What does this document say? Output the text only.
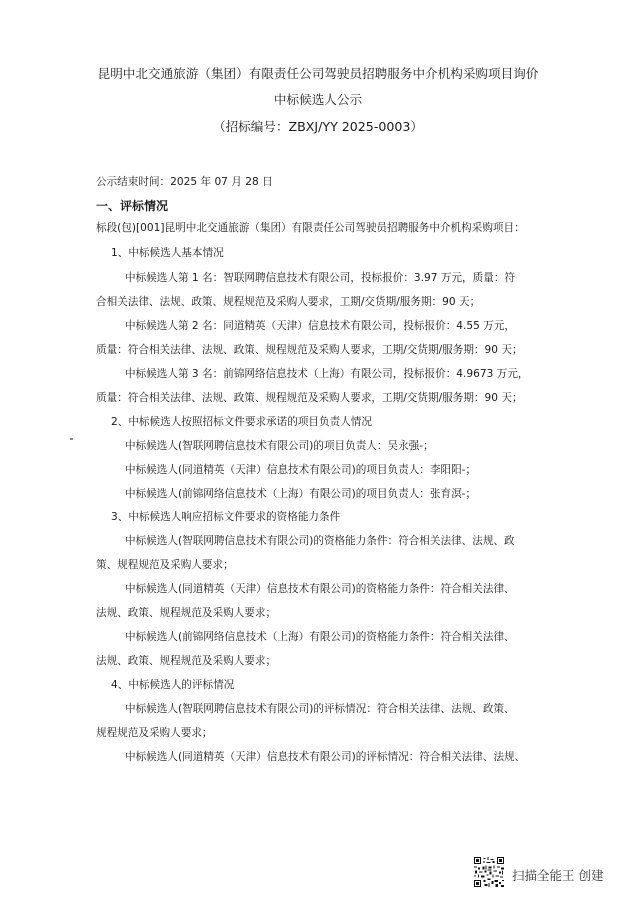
昆明中北交通旅游（集团）有限责任公司驾驶员招聘服务中介机构采购项目询价
中标候选人公示
（招标编号：ZBXJ/YY 2025-0003）
公示结束时间：2025 年 07 月 28 日
一、评标情况
标段(包)[001]昆明中北交通旅游（集团）有限责任公司驾驶员招聘服务中介机构采购项目：
1、中标候选人基本情况
中标候选人第 1 名：智联网聘信息技术有限公司，投标报价：3.97 万元，质量：符
合相关法律、法规、政策、规程规范及采购人要求，工期/交货期/服务期：90 天；
中标候选人第 2 名：同道精英（天津）信息技术有限公司，投标报价：4.55 万元，
质量：符合相关法律、法规、政策、规程规范及采购人要求，工期/交货期/服务期：90 天；
中标候选人第 3 名：前锦网络信息技术（上海）有限公司，投标报价：4.9673 万元，
质量：符合相关法律、法规、政策、规程规范及采购人要求，工期/交货期/服务期：90 天；
2、中标候选人按照招标文件要求承诺的项目负责人情况
中标候选人(智联网聘信息技术有限公司)的项目负责人：吴永强-；
中标候选人(同道精英（天津）信息技术有限公司)的项目负责人：李阳阳-；
中标候选人(前锦网络信息技术（上海）有限公司)的项目负责人：张育溟-；
3、中标候选人响应招标文件要求的资格能力条件
中标候选人(智联网聘信息技术有限公司)的资格能力条件：符合相关法律、法规、政
策、规程规范及采购人要求；
中标候选人(同道精英（天津）信息技术有限公司)的资格能力条件：符合相关法律、
法规、政策、规程规范及采购人要求；
中标候选人(前锦网络信息技术（上海）有限公司)的资格能力条件：符合相关法律、
法规、政策、规程规范及采购人要求；
4、中标候选人的评标情况
中标候选人(智联网聘信息技术有限公司)的评标情况：符合相关法律、法规、政策、
规程规范及采购人要求；
中标候选人(同道精英（天津）信息技术有限公司)的评标情况：符合相关法律、法规、
扫描全能王 创建
